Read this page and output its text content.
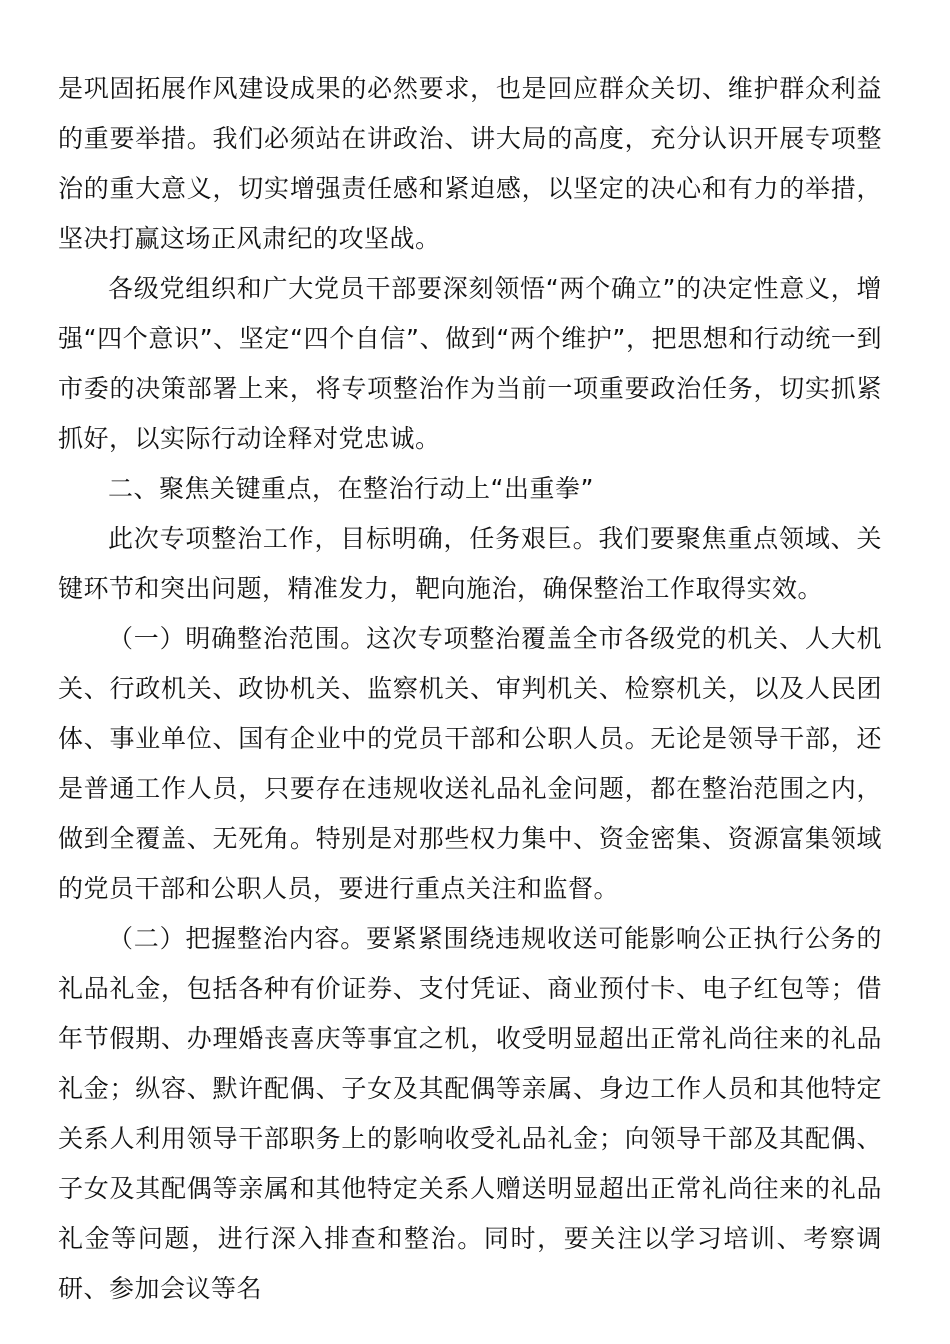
是巩固拓展作风建设成果的必然要求，也是回应群众关切、维护群众利益的重要举措。我们必须站在讲政治、讲大局的高度，充分认识开展专项整治的重大意义，切实增强责任感和紧迫感，以坚定的决心和有力的举措，坚决打赢这场正风肃纪的攻坚战。

各级党组织和广大党员干部要深刻领悟“两个确立”的决定性意义，增强“四个意识”、坚定“四个自信”、做到“两个维护”，把思想和行动统一到市委的决策部署上来，将专项整治作为当前一项重要政治任务，切实抓紧抓好，以实际行动诠释对党忠诚。

二、聚焦关键重点，在整治行动上“出重拳”

此次专项整治工作，目标明确，任务艰巨。我们要聚焦重点领域、关键环节和突出问题，精准发力，靶向施治，确保整治工作取得实效。

（一）明确整治范围。这次专项整治覆盖全市各级党的机关、人大机关、行政机关、政协机关、监察机关、审判机关、检察机关，以及人民团体、事业单位、国有企业中的党员干部和公职人员。无论是领导干部，还是普通工作人员，只要存在违规收送礼品礼金问题，都在整治范围之内，做到全覆盖、无死角。特别是对那些权力集中、资金密集、资源富集领域的党员干部和公职人员，要进行重点关注和监督。

（二）把握整治内容。要紧紧围绕违规收送可能影响公正执行公务的礼品礼金，包括各种有价证券、支付凭证、商业预付卡、电子红包等；借年节假期、办理婚丧喜庆等事宜之机，收受明显超出正常礼尚往来的礼品礼金；纵容、默许配偶、子女及其配偶等亲属、身边工作人员和其他特定关系人利用领导干部职务上的影响收受礼品礼金；向领导干部及其配偶、子女及其配偶等亲属和其他特定关系人赠送明显超出正常礼尚往来的礼品礼金等问题，进行深入排查和整治。同时，要关注以学习培训、考察调研、参加会议等名
